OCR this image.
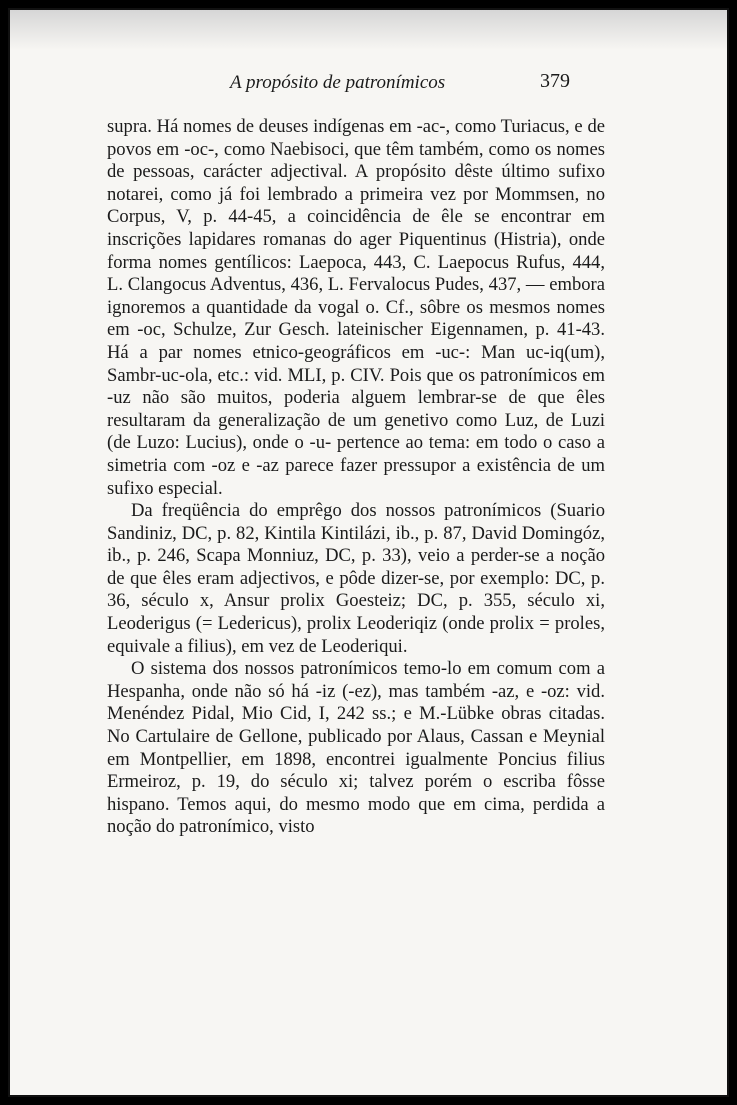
A propósito de patronímicos	379

supra. Há nomes de deuses indígenas em -ac-, como Turiacus, e de povos em -oc-, como Naebisoci, que têm também, como os nomes de pessoas, carácter adjectival. A propósito dêste último sufixo notarei, como já foi lembrado a primeira vez por Mommsen, no Corpus, V, p. 44-45, a coincidência de êle se encontrar em inscrições lapidares romanas do ager Piquentinus (Histria), onde forma nomes gentílicos: Laepoca, 443, C. Laepocus Rufus, 444, L. Clangocus Adventus, 436, L. Fervalocus Pudes, 437, — embora ignoremos a quantidade da vogal o. Cf., sôbre os mesmos nomes em -oc, Schulze, Zur Gesch. lateinischer Eigennamen, p. 41-43. Há a par nomes etnico-geográficos em -uc-: Man uc-iq(um), Sambr-uc-ola, etc.: vid. MLI, p. CIV. Pois que os patronímicos em -uz não são muitos, poderia alguem lembrar-se de que êles resultaram da generalização de um genetivo como Luz, de Luzi (de Luzo: Lucius), onde o -u- pertence ao tema: em todo o caso a simetria com -oz e -az parece fazer pressupor a existência de um sufixo especial.

Da freqüência do emprêgo dos nossos patronímicos (Suario Sandiniz, DC, p. 82, Kintila Kintilázi, ib., p. 87, David Domingóz, ib., p. 246, Scapa Monniuz, DC, p. 33), veio a perder-se a noção de que êles eram adjectivos, e pôde dizer-se, por exemplo: DC, p. 36, século x, Ansur prolix Goesteiz; DC, p. 355, século xi, Leoderigus (= Ledericus), prolix Leoderiqiz (onde prolix = proles, equivale a filius), em vez de Leoderiqui.

O sistema dos nossos patronímicos temo-lo em comum com a Hespanha, onde não só há -iz (-ez), mas também -az, e -oz: vid. Menéndez Pidal, Mio Cid, I, 242 ss.; e M.-Lübke obras citadas. No Cartulaire de Gellone, publicado por Alaus, Cassan e Meynial em Montpellier, em 1898, encontrei igualmente Poncius filius Ermeiroz, p. 19, do século xi; talvez porém o escriba fôsse hispano. Temos aqui, do mesmo modo que em cima, perdida a noção do patronímico, visto
